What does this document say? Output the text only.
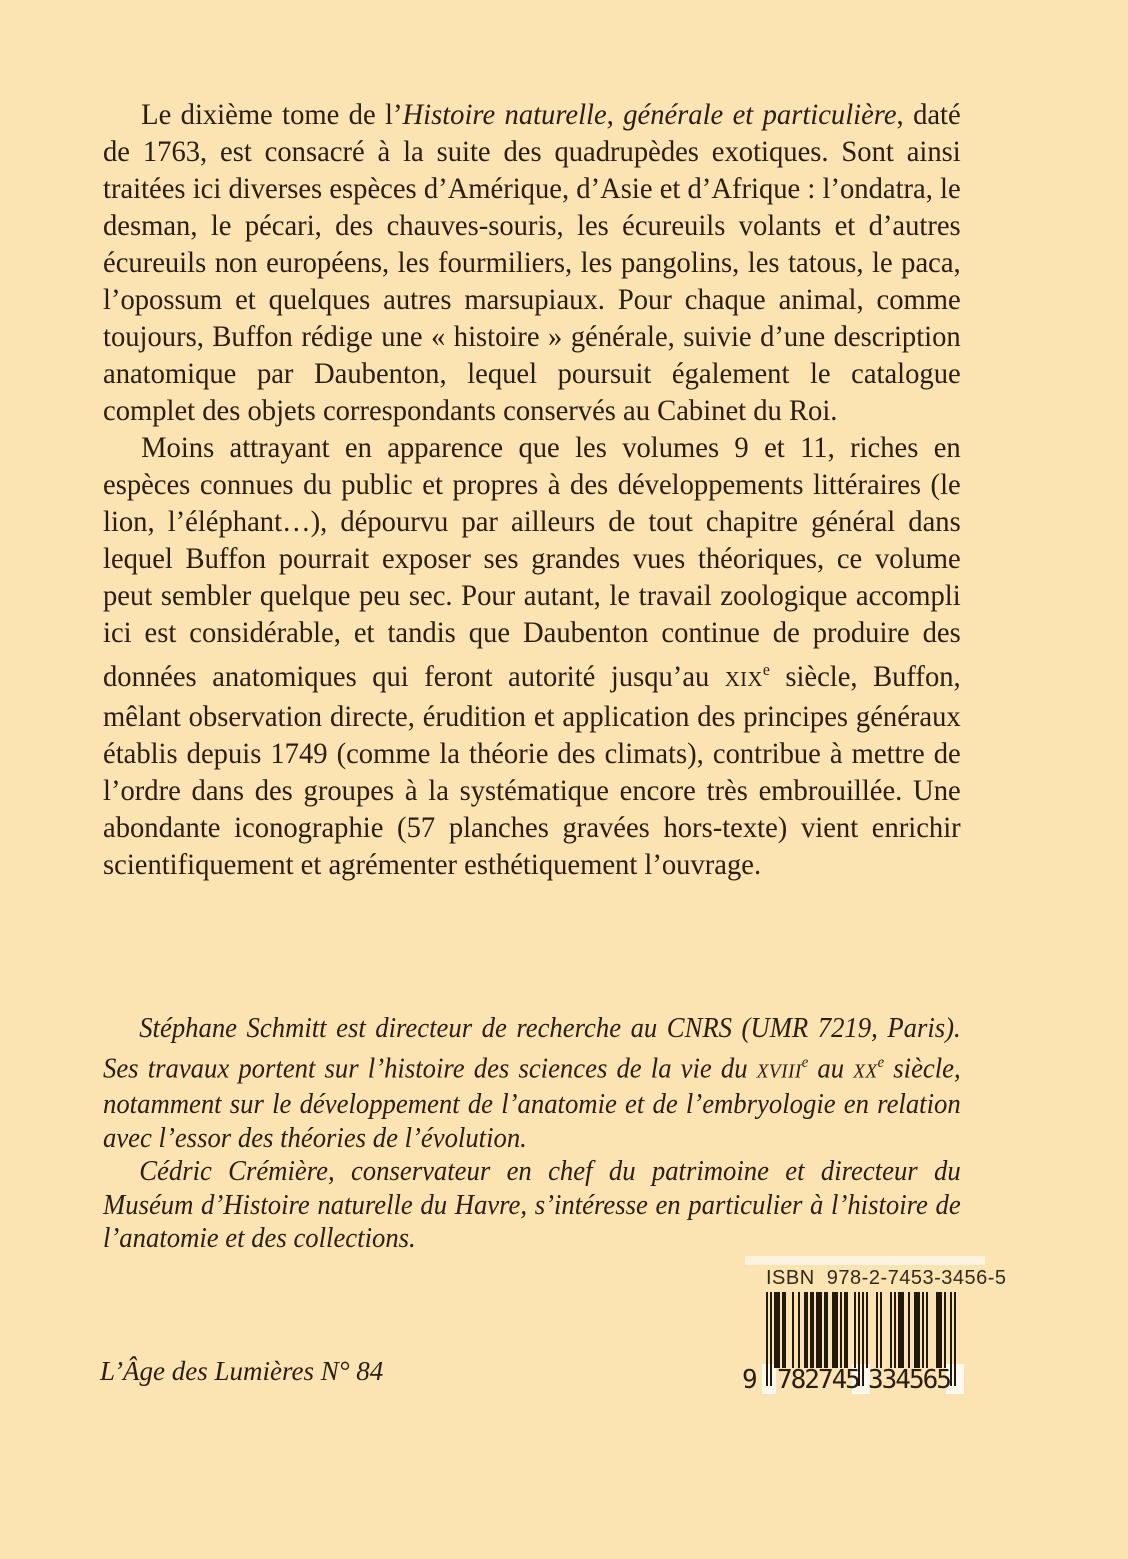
Le dixième tome de l’Histoire naturelle, générale et particulière, daté de 1763, est consacré à la suite des quadrupèdes exotiques. Sont ainsi traitées ici diverses espèces d’Amérique, d’Asie et d’Afrique : l’ondatra, le desman, le pécari, des chauves-souris, les écureuils volants et d’autres écureuils non européens, les fourmiliers, les pangolins, les tatous, le paca, l’opossum et quelques autres marsupiaux. Pour chaque animal, comme toujours, Buffon rédige une « histoire » générale, suivie d’une description anatomique par Daubenton, lequel poursuit également le catalogue complet des objets correspondants conservés au Cabinet du Roi.

Moins attrayant en apparence que les volumes 9 et 11, riches en espèces connues du public et propres à des développements littéraires (le lion, l’éléphant…), dépourvu par ailleurs de tout chapitre général dans lequel Buffon pourrait exposer ses grandes vues théoriques, ce volume peut sembler quelque peu sec. Pour autant, le travail zoologique accompli ici est considérable, et tandis que Daubenton continue de produire des données anatomiques qui feront autorité jusqu’au XIXe siècle, Buffon, mêlant observation directe, érudition et application des principes généraux établis depuis 1749 (comme la théorie des climats), contribue à mettre de l’ordre dans des groupes à la systématique encore très embrouillée. Une abondante iconographie (57 planches gravées hors-texte) vient enrichir scientifiquement et agrémenter esthétiquement l’ouvrage.

Stéphane Schmitt est directeur de recherche au CNRS (UMR 7219, Paris). Ses travaux portent sur l’histoire des sciences de la vie du XVIIIe au XXe siècle, notamment sur le développement de l’anatomie et de l’embryologie en relation avec l’essor des théories de l’évolution.

Cédric Crémière, conservateur en chef du patrimoine et directeur du Muséum d’Histoire naturelle du Havre, s’intéresse en particulier à l’histoire de l’anatomie et des collections.

L’Âge des Lumières N° 84
ISBN  978-2-7453-3456-5
9 782745 334565
